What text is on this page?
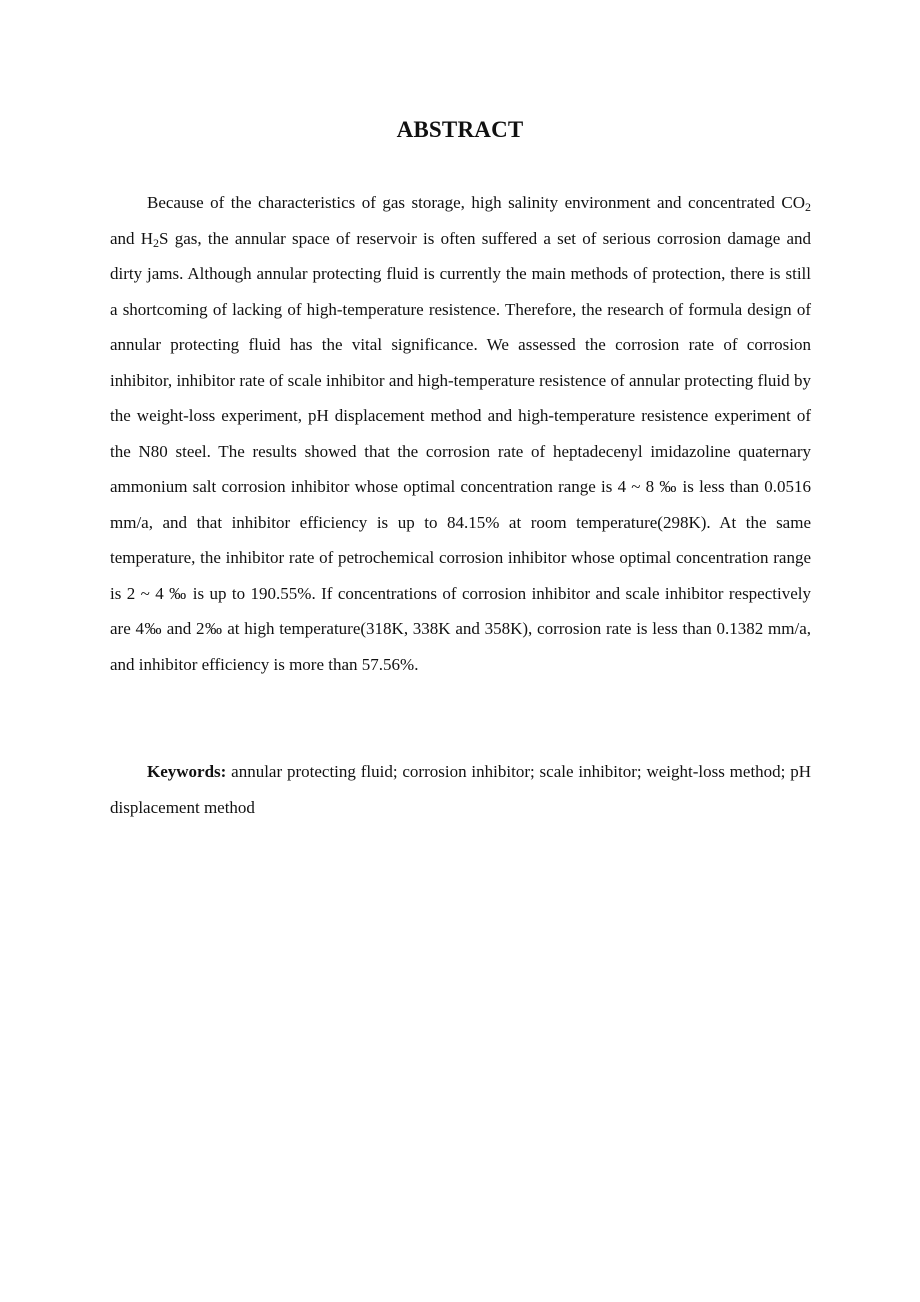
ABSTRACT

Because of the characteristics of gas storage, high salinity environment and concentrated $CO_2$ and $H_2S$ gas, the annular space of reservoir is often suffered a set of serious corrosion damage and dirty jams. Although annular protecting fluid is currently the main methods of protection, there is still a shortcoming of lacking of high-temperature resistence. Therefore, the research of formula design of annular protecting fluid has the vital significance. We assessed the corrosion rate of corrosion inhibitor, inhibitor rate of scale inhibitor and high-temperature resistence of annular protecting fluid by the weight-loss experiment, pH displacement method and high-temperature resistence experiment of the N80 steel. The results showed that the corrosion rate of heptadecenyl imidazoline quaternary ammonium salt corrosion inhibitor whose optimal concentration range is 4 ~ 8 ‰ is less than 0.0516 mm/a, and that inhibitor efficiency is up to 84.15% at room temperature(298K). At the same temperature, the inhibitor rate of petrochemical corrosion inhibitor whose optimal concentration range is 2 ~ 4 ‰ is up to 190.55%. If concentrations of corrosion inhibitor and scale inhibitor respectively are 4‰ and 2‰ at high temperature(318K, 338K and 358K), corrosion rate is less than 0.1382 mm/a, and inhibitor efficiency is more than 57.56%.

Keywords: annular protecting fluid; corrosion inhibitor; scale inhibitor; weight-loss method; pH displacement method
